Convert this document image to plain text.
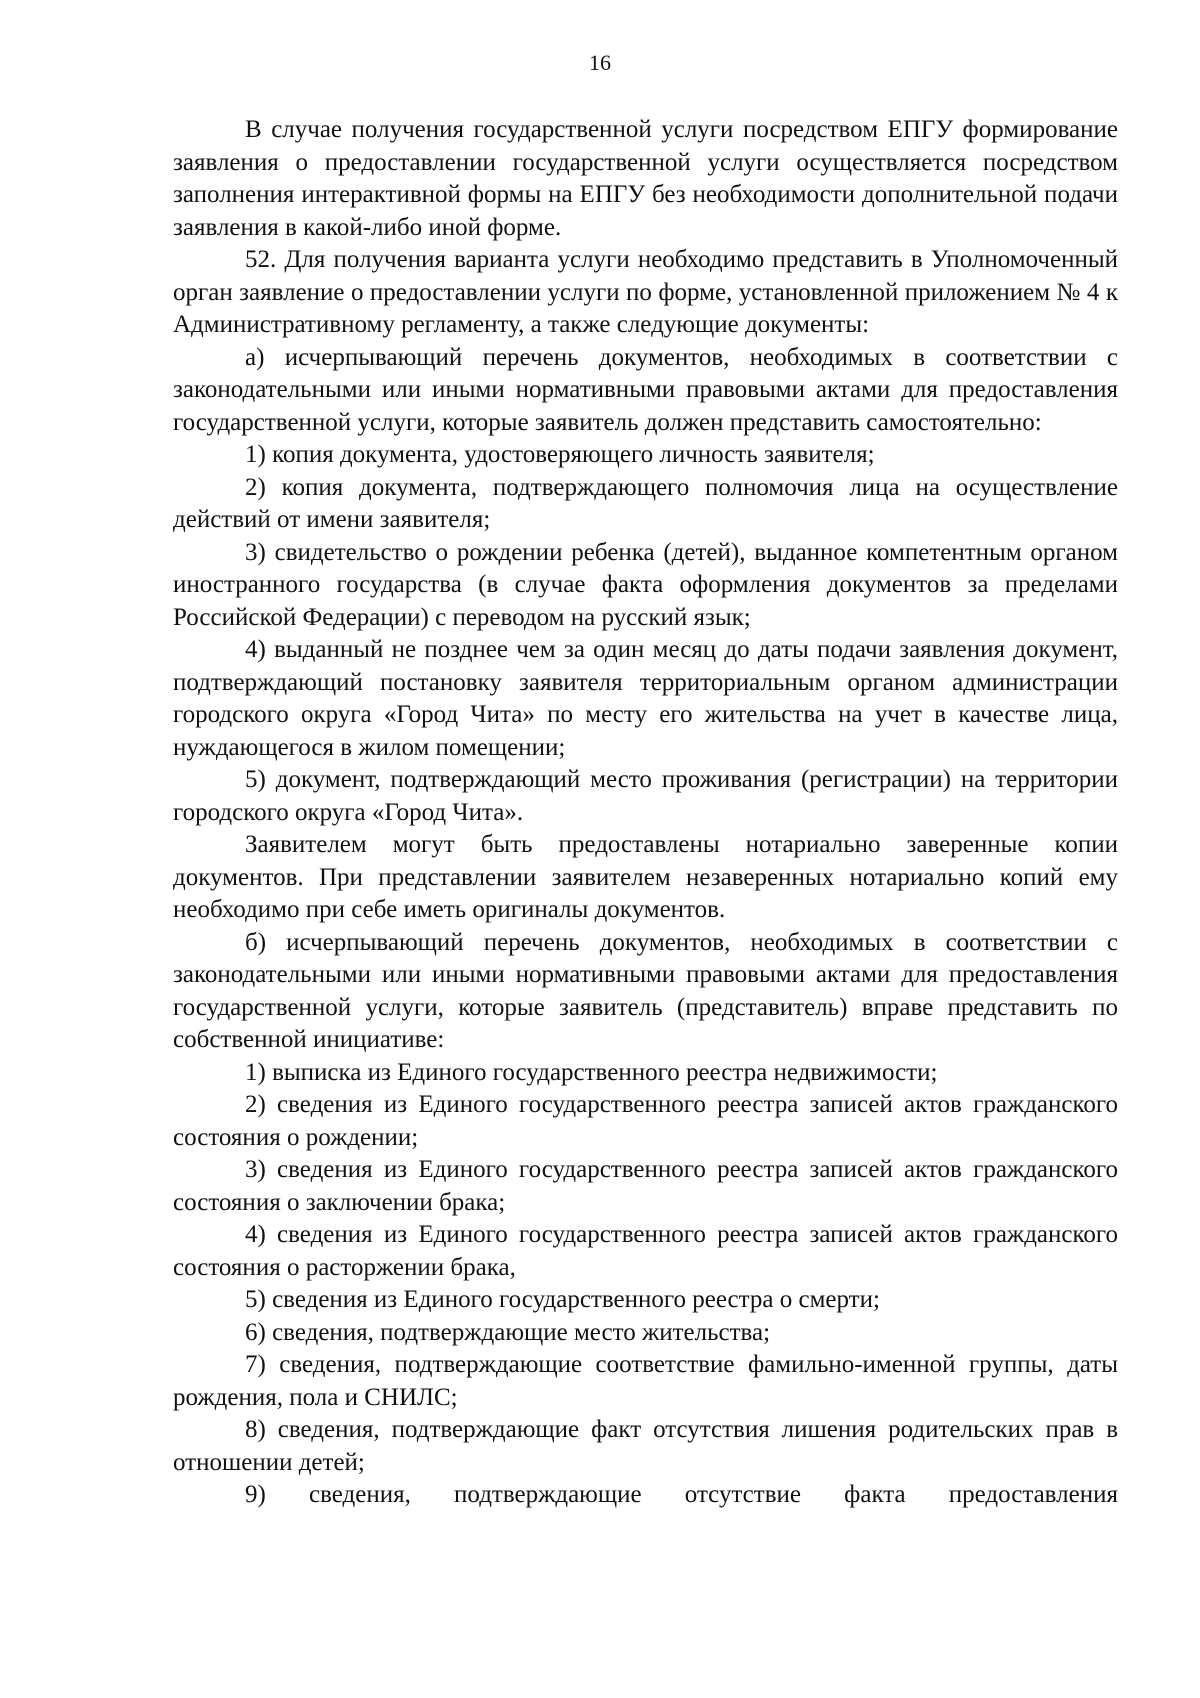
16

В случае получения государственной услуги посредством ЕПГУ формирование заявления о предоставлении государственной услуги осуществляется посредством заполнения интерактивной формы на ЕПГУ без необходимости дополнительной подачи заявления в какой-либо иной форме.

52. Для получения варианта услуги необходимо представить в Уполномоченный орган заявление о предоставлении услуги по форме, установленной приложением № 4 к Административному регламенту, а также следующие документы:

а) исчерпывающий перечень документов, необходимых в соответствии с законодательными или иными нормативными правовыми актами для предоставления государственной услуги, которые заявитель должен представить самостоятельно:

1) копия документа, удостоверяющего личность заявителя;

2) копия документа, подтверждающего полномочия лица на осуществление действий от имени заявителя;

3) свидетельство о рождении ребенка (детей), выданное компетентным органом иностранного государства (в случае факта оформления документов за пределами Российской Федерации) с переводом на русский язык;

4) выданный не позднее чем за один месяц до даты подачи заявления документ, подтверждающий постановку заявителя территориальным органом администрации городского округа «Город Чита» по месту его жительства на учет в качестве лица, нуждающегося в жилом помещении;

5) документ, подтверждающий место проживания (регистрации) на территории городского округа «Город Чита».

Заявителем могут быть предоставлены нотариально заверенные копии документов. При представлении заявителем незаверенных нотариально копий ему необходимо при себе иметь оригиналы документов.

б) исчерпывающий перечень документов, необходимых в соответствии с законодательными или иными нормативными правовыми актами для предоставления государственной услуги, которые заявитель (представитель) вправе представить по собственной инициативе:

1) выписка из Единого государственного реестра недвижимости;

2) сведения из Единого государственного реестра записей актов гражданского состояния о рождении;

3) сведения из Единого государственного реестра записей актов гражданского состояния о заключении брака;

4) сведения из Единого государственного реестра записей актов гражданского состояния о расторжении брака,

5) сведения из Единого государственного реестра о смерти;

6) сведения, подтверждающие место жительства;

7) сведения, подтверждающие соответствие фамильно-именной группы, даты рождения, пола и СНИЛС;

8) сведения, подтверждающие факт отсутствия лишения родительских прав в отношении детей;

9) сведения, подтверждающие отсутствие факта предоставления
